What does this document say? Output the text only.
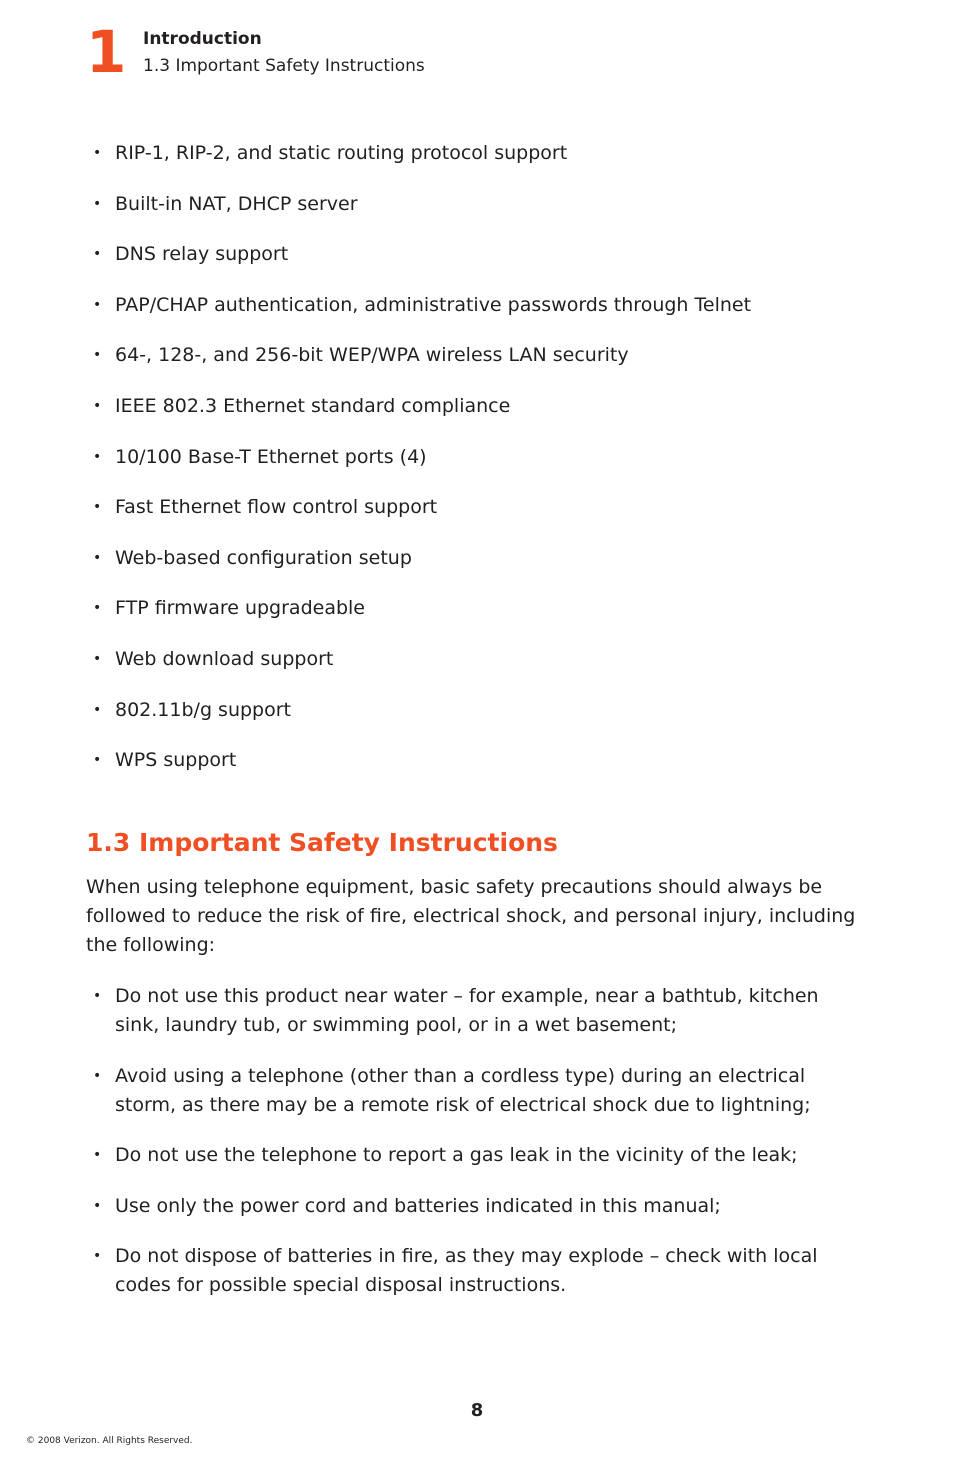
1 Introduction
1.3 Important Safety Instructions
• RIP-1, RIP-2, and static routing protocol support
• Built-in NAT, DHCP server
• DNS relay support
• PAP/CHAP authentication, administrative passwords through Telnet
• 64-, 128-, and 256-bit WEP/WPA wireless LAN security
• IEEE 802.3 Ethernet standard compliance
• 10/100 Base-T Ethernet ports (4)
• Fast Ethernet flow control support
• Web-based configuration setup
• FTP firmware upgradeable
• Web download support
• 802.11b/g support
• WPS support
1.3 Important Safety Instructions

When using telephone equipment, basic safety precautions should always be followed to reduce the risk of fire, electrical shock, and personal injury, including the following:

• Do not use this product near water – for example, near a bathtub, kitchen sink, laundry tub, or swimming pool, or in a wet basement;
• Avoid using a telephone (other than a cordless type) during an electrical storm, as there may be a remote risk of electrical shock due to lightning;
• Do not use the telephone to report a gas leak in the vicinity of the leak;
• Use only the power cord and batteries indicated in this manual;
• Do not dispose of batteries in fire, as they may explode – check with local codes for possible special disposal instructions.
8
© 2008 Verizon. All Rights Reserved.
